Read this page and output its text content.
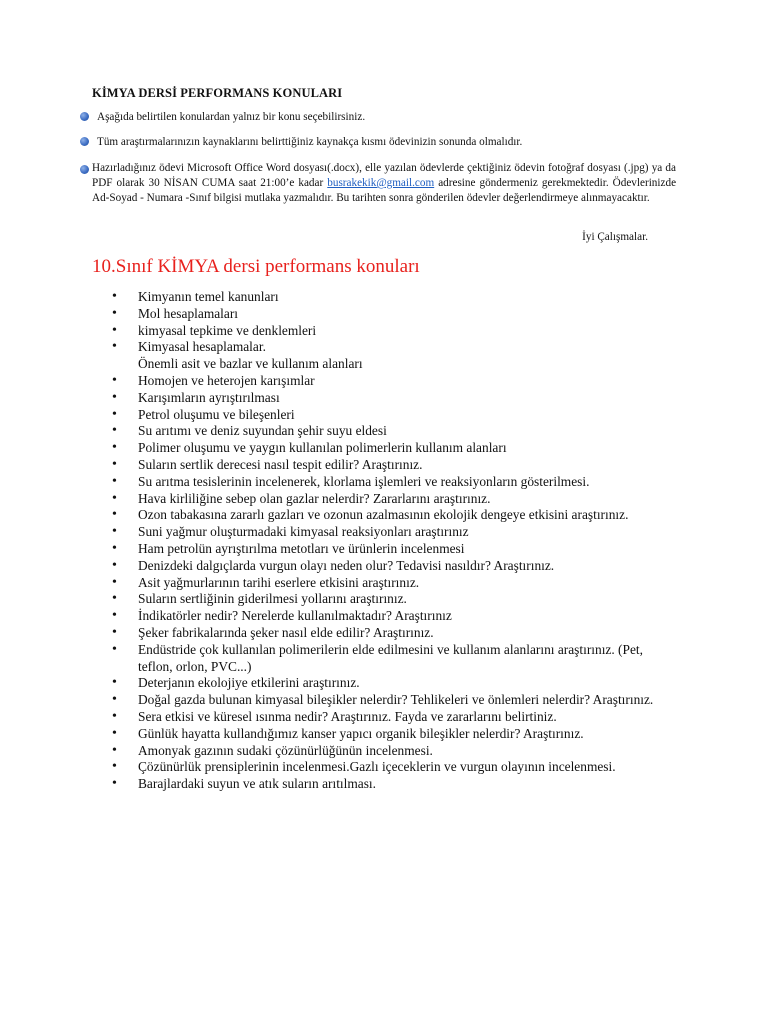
KİMYA DERSİ PERFORMANS KONULARI
Aşağıda belirtilen konulardan yalnız bir konu seçebilirsiniz.
Tüm araştırmalarınızın kaynaklarını belirttiğiniz kaynakça kısmı ödevinizin sonunda olmalıdır.
Hazırladığınız ödevi Microsoft Office Word dosyası(.docx), elle yazılan ödevlerde çektiğiniz ödevin fotoğraf dosyası (.jpg) ya da PDF olarak 30 NİSAN CUMA saat 21:00’e kadar busrakekik@gmail.com adresine göndermeniz gerekmektedir. Ödevlerinizde Ad-Soyad - Numara -Sınıf bilgisi mutlaka yazmalıdır. Bu tarihten sonra gönderilen ödevler değerlendirmeye alınmayacaktır.
İyi Çalışmalar.
10.Sınıf KİMYA dersi performans konuları
• Kimyanın temel kanunları
• Mol hesaplamaları
• kimyasal tepkime ve denklemleri
• Kimyasal hesaplamalar.
Önemli asit ve bazlar ve kullanım alanları
• Homojen ve heterojen karışımlar
• Karışımların ayrıştırılması
• Petrol oluşumu ve bileşenleri
• Su arıtımı ve deniz suyundan şehir suyu eldesi
• Polimer oluşumu ve yaygın kullanılan polimerlerin kullanım alanları
• Suların sertlik derecesi nasıl tespit edilir? Araştırınız.
• Su arıtma tesislerinin incelenerek, klorlama işlemleri ve reaksiyonların gösterilmesi.
• Hava kirliliğine sebep olan gazlar nelerdir? Zararlarını araştırınız.
• Ozon tabakasına zararlı gazları ve ozonun azalmasının ekolojik dengeye etkisini araştırınız.
• Suni yağmur oluşturmadaki kimyasal reaksiyonları araştırınız
• Ham petrolün ayrıştırılma metotları ve ürünlerin incelenmesi
• Denizdeki dalgıçlarda vurgun olayı neden olur? Tedavisi nasıldır? Araştırınız.
• Asit yağmurlarının tarihi eserlere etkisini araştırınız.
• Suların sertliğinin giderilmesi yollarını araştırınız.
• İndikatörler nedir? Nerelerde kullanılmaktadır? Araştırınız
• Şeker fabrikalarında şeker nasıl elde edilir? Araştırınız.
• Endüstride çok kullanılan polimerilerin elde edilmesini ve kullanım alanlarını araştırınız. (Pet, teflon, orlon, PVC...)
• Deterjanın ekolojiye etkilerini araştırınız.
• Doğal gazda bulunan kimyasal bileşikler nelerdir? Tehlikeleri ve önlemleri nelerdir? Araştırınız.
• Sera etkisi ve küresel ısınma nedir? Araştırınız. Fayda ve zararlarını belirtiniz.
• Günlük hayatta kullandığımız kanser yapıcı organik bileşikler nelerdir? Araştırınız.
• Amonyak gazının sudaki çözünürlüğünün incelenmesi.
• Çözünürlük prensiplerinin incelenmesi.Gazlı içeceklerin ve vurgun olayının incelenmesi.
• Barajlardaki suyun ve atık suların arıtılması.
